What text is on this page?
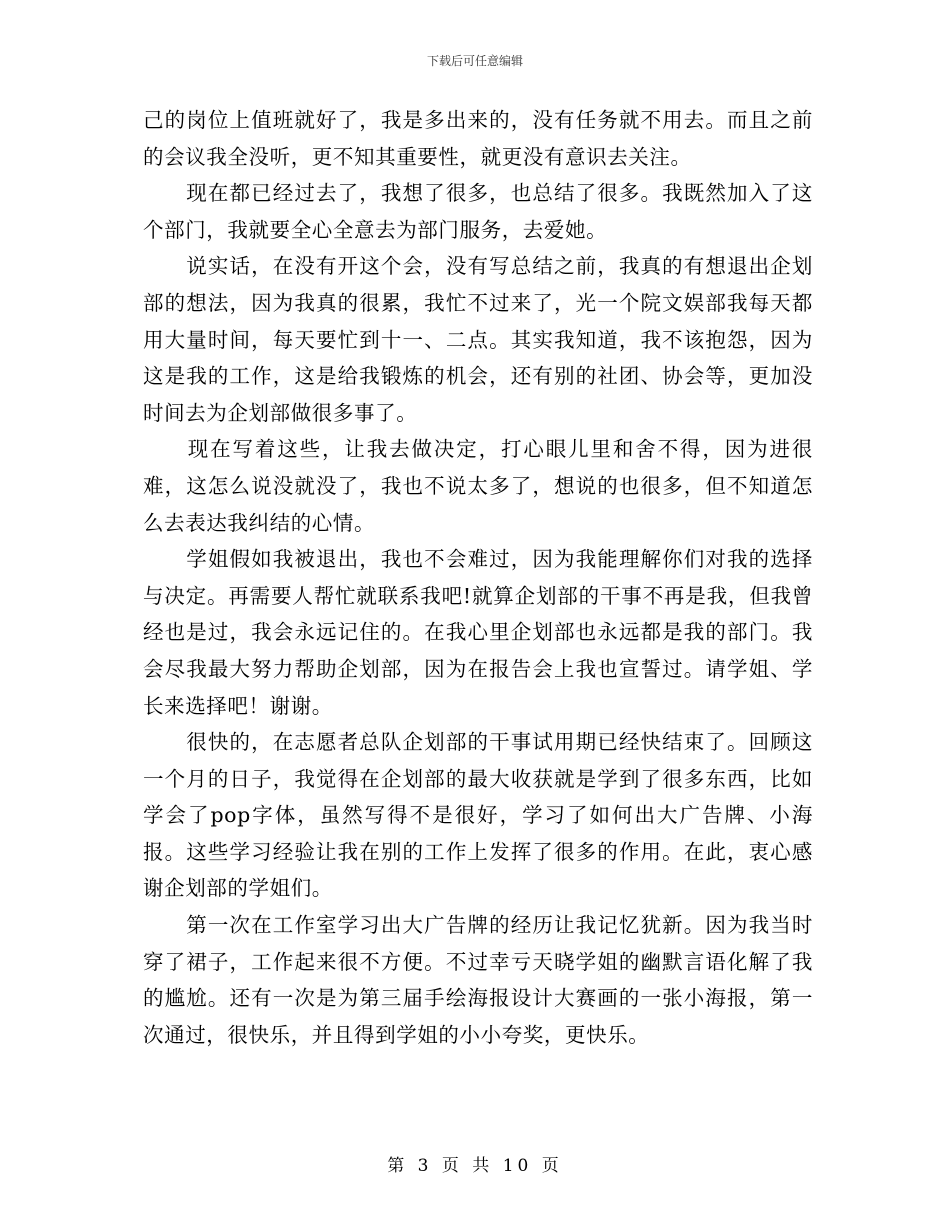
下载后可任意编辑

己的岗位上值班就好了，我是多出来的，没有任务就不用去。而且之前的会议我全没听，更不知其重要性，就更没有意识去关注。

　　现在都已经过去了，我想了很多，也总结了很多。我既然加入了这个部门，我就要全心全意去为部门服务，去爱她。

　　说实话，在没有开这个会，没有写总结之前，我真的有想退出企划部的想法，因为我真的很累，我忙不过来了，光一个院文娱部我每天都用大量时间，每天要忙到十一、二点。其实我知道，我不该抱怨，因为这是我的工作，这是给我锻炼的机会，还有别的社团、协会等，更加没时间去为企划部做很多事了。

　　现在写着这些，让我去做决定，打心眼儿里和舍不得，因为进很难，这怎么说没就没了，我也不说太多了，想说的也很多，但不知道怎么去表达我纠结的心情。

　　学姐假如我被退出，我也不会难过，因为我能理解你们对我的选择与决定。再需要人帮忙就联系我吧!就算企划部的干事不再是我，但我曾经也是过，我会永远记住的。在我心里企划部也永远都是我的部门。我会尽我最大努力帮助企划部，因为在报告会上我也宣誓过。请学姐、学长来选择吧！谢谢。

　　很快的，在志愿者总队企划部的干事试用期已经快结束了。回顾这一个月的日子，我觉得在企划部的最大收获就是学到了很多东西，比如学会了pop字体，虽然写得不是很好，学习了如何出大广告牌、小海报。这些学习经验让我在别的工作上发挥了很多的作用。在此，衷心感谢企划部的学姐们。

　　第一次在工作室学习出大广告牌的经历让我记忆犹新。因为我当时穿了裙子，工作起来很不方便。不过幸亏天晓学姐的幽默言语化解了我的尴尬。还有一次是为第三届手绘海报设计大赛画的一张小海报，第一次通过，很快乐，并且得到学姐的小小夸奖，更快乐。

第 3 页 共 10 页
